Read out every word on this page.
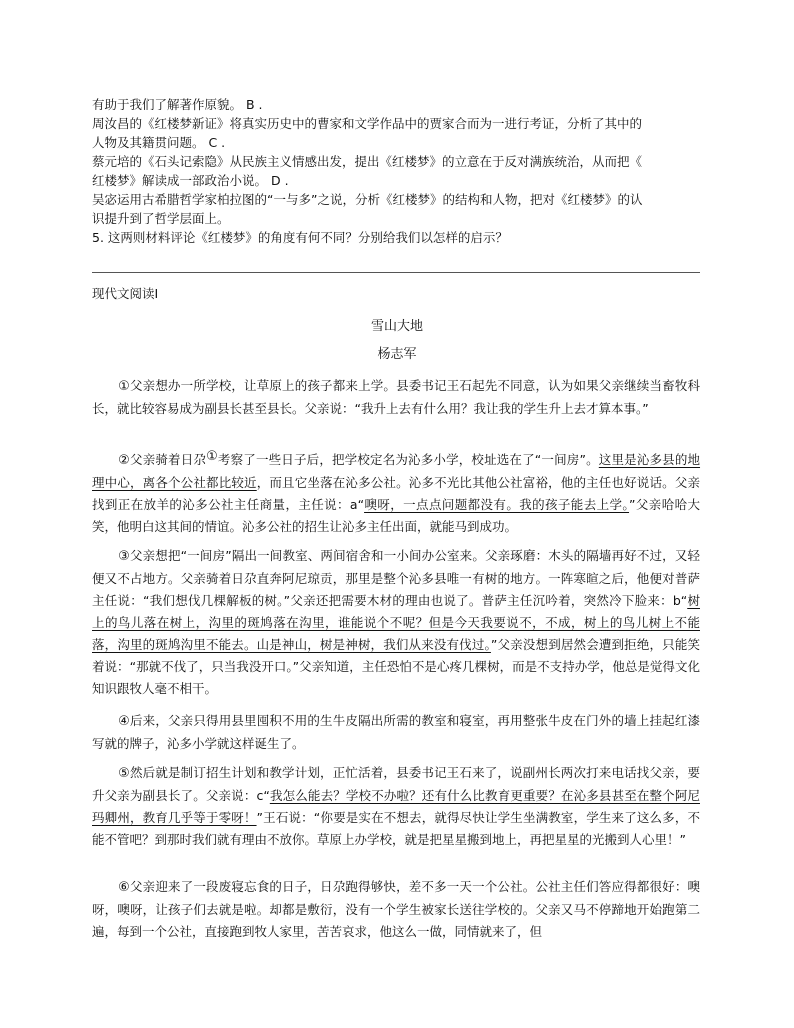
有助于我们了解著作原貌。 B .
周汝昌的《红楼梦新证》将真实历史中的曹家和文学作品中的贾家合而为一进行考证，分析了其中的
人物及其籍贯问题。 C .
蔡元培的《石头记索隐》从民族主义情感出发，提出《红楼梦》的立意在于反对满族统治，从而把《
红楼梦》解读成一部政治小说。 D .
吴宓运用古希腊哲学家柏拉图的“一与多”之说，分析《红楼梦》的结构和人物，把对《红楼梦》的认
识提升到了哲学层面上。
5. 这两则材料评论《红楼梦》的角度有何不同？分别给我们以怎样的启示？
现代文阅读Ⅰ
雪山大地
杨志军
①父亲想办一所学校，让草原上的孩子都来上学。县委书记王石起先不同意，认为如果父亲继续当畜牧科长，就比较容易成为副县长甚至县长。父亲说：“我升上去有什么用？我让我的学生升上去才算本事。”
②父亲骑着日尕①考察了一些日子后，把学校定名为沁多小学，校址选在了“一间房”。这里是沁多县的地理中心，离各个公社都比较近，而且它坐落在沁多公社。沁多不光比其他公社富裕，他的主任也好说话。父亲找到正在放羊的沁多公社主任商量，主任说：a“噢呀，一点点问题都没有。我的孩子能去上学。”父亲哈哈大笑，他明白这其间的情谊。沁多公社的招生让沁多主任出面，就能马到成功。
③父亲想把“一间房”隔出一间教室、两间宿舍和一小间办公室来。父亲琢磨：木头的隔墙再好不过，又轻便又不占地方。父亲骑着日尕直奔阿尼琼贡，那里是整个沁多县唯一有树的地方。一阵寒暄之后，他便对普萨主任说：“我们想伐几棵解板的树。”父亲还把需要木材的理由也说了。普萨主任沉吟着，突然冷下脸来：b“树上的鸟儿落在树上，沟里的斑鸠落在沟里，谁能说个不呢？但是今天我要说不，不成，树上的鸟儿树上不能落，沟里的斑鸠沟里不能去。山是神山，树是神树，我们从来没有伐过。”父亲没想到居然会遭到拒绝，只能笑着说：“那就不伐了，只当我没开口。”父亲知道，主任恐怕不是心疼几棵树，而是不支持办学，他总是觉得文化知识跟牧人毫不相干。
④后来，父亲只得用县里囤积不用的生牛皮隔出所需的教室和寝室，再用整张牛皮在门外的墙上挂起红漆写就的牌子，沁多小学就这样诞生了。
⑤然后就是制订招生计划和教学计划，正忙活着，县委书记王石来了，说副州长两次打来电话找父亲，要升父亲为副县长了。父亲说：c“我怎么能去？学校不办啦？还有什么比教育更重要？在沁多县甚至在整个阿尼玛卿州，教育几乎等于零呀！”王石说：“你要是实在不想去，就得尽快让学生坐满教室，学生来了这么多，不能不管吧？到那时我们就有理由不放你。草原上办学校，就是把星星搬到地上，再把星星的光搬到人心里！”
⑥父亲迎来了一段废寝忘食的日子，日尕跑得够快，差不多一天一个公社。公社主任们答应得都很好：噢呀，噢呀，让孩子们去就是啦。却都是敷衍，没有一个学生被家长送往学校的。父亲又马不停蹄地开始跑第二遍，每到一个公社，直接跑到牧人家里，苦苦哀求，他这么一做，同情就来了，但
